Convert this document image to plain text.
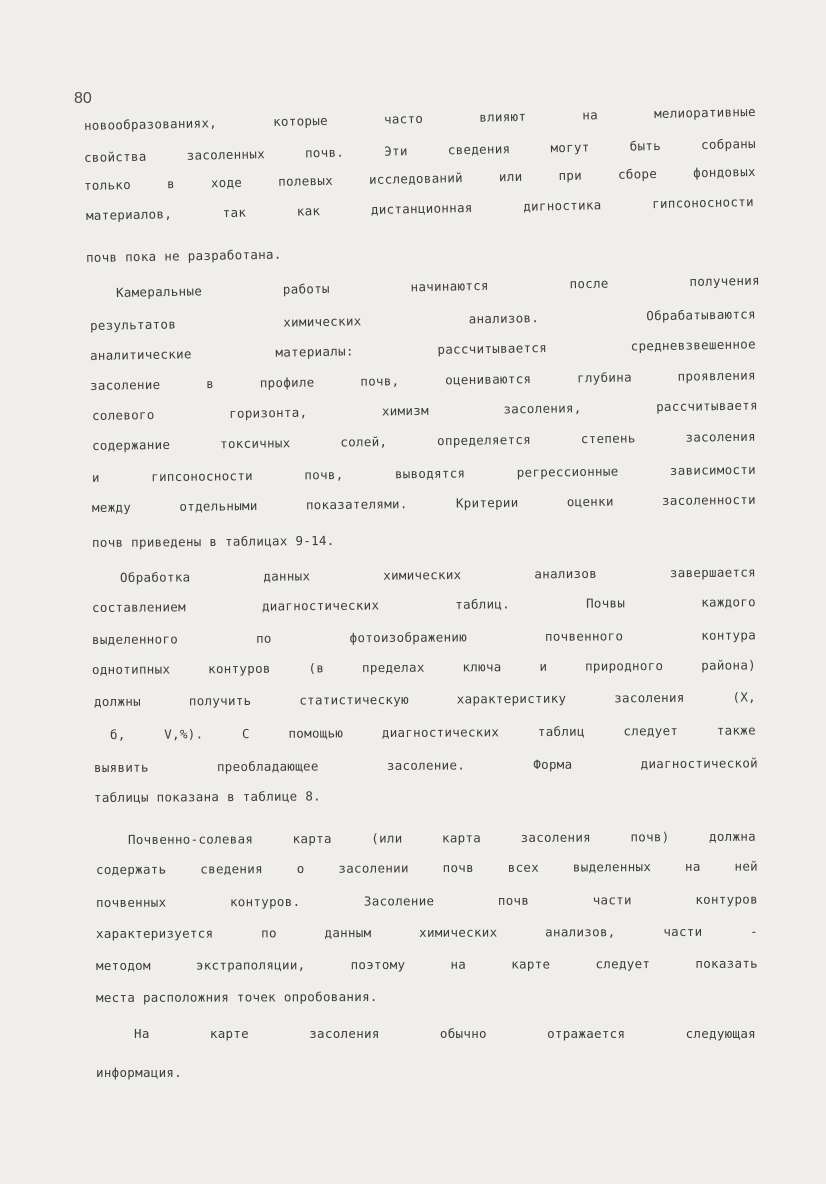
80
новообразованиях,	которые	часто	влияют	на	мелиоративные
свойства	засоленных	почв.	Эти	сведения	могут	быть	собраны
только	в	ходе	полевых	исследований	или	при	сборе	фондовых
материалов,	так	как	дистанционная	дигностика	гипсоносности
почв пока не разработана.
Камеральные	работы	начинаются	после	получения
результатов	химических	анализов.	Обрабатываются
аналитические	материалы:	рассчитывается	средневзвешенное
засоление	в	профиле	почв,	оцениваются	глубина	проявления
солевого	горизонта,	химизм	засоления,	рассчитываетя
содержание	токсичных	солей,	определяется	степень	засоления
и	гипсоносности	почв,	выводятся	регрессионные	зависимости
между	отдельными	показателями.	Критерии	оценки	засоленности
почв приведены в таблицах 9-14.
Обработка	данных	химических	анализов	завершается
составлением	диагностических	таблиц.	Почвы	каждого
выделенного	по	фотоизображению	почвенного	контура
однотипных	контуров	(в	пределах	ключа	и	природного	района)
должны	получить	статистическую	характеристику	засоления	(X,
б,	V,%).	С	помощью	диагностических	таблиц	следует	также
выявить	преобладающее	засоление.	Форма	диагностической
таблицы показана в таблице 8.
Почвенно-солевая	карта	(или	карта	засоления	почв)	должна
содержать	сведения	о	засолении	почв	всех	выделенных	на	ней
почвенных	контуров.	Засоление	почв	части	контуров
характеризуется	по	данным	химических	анализов,	части	-
методом	экстраполяции,	поэтому	на	карте	следует	показать
места расположния точек опробования.
На	карте	засоления	обычно	отражается	следующая
информация.
